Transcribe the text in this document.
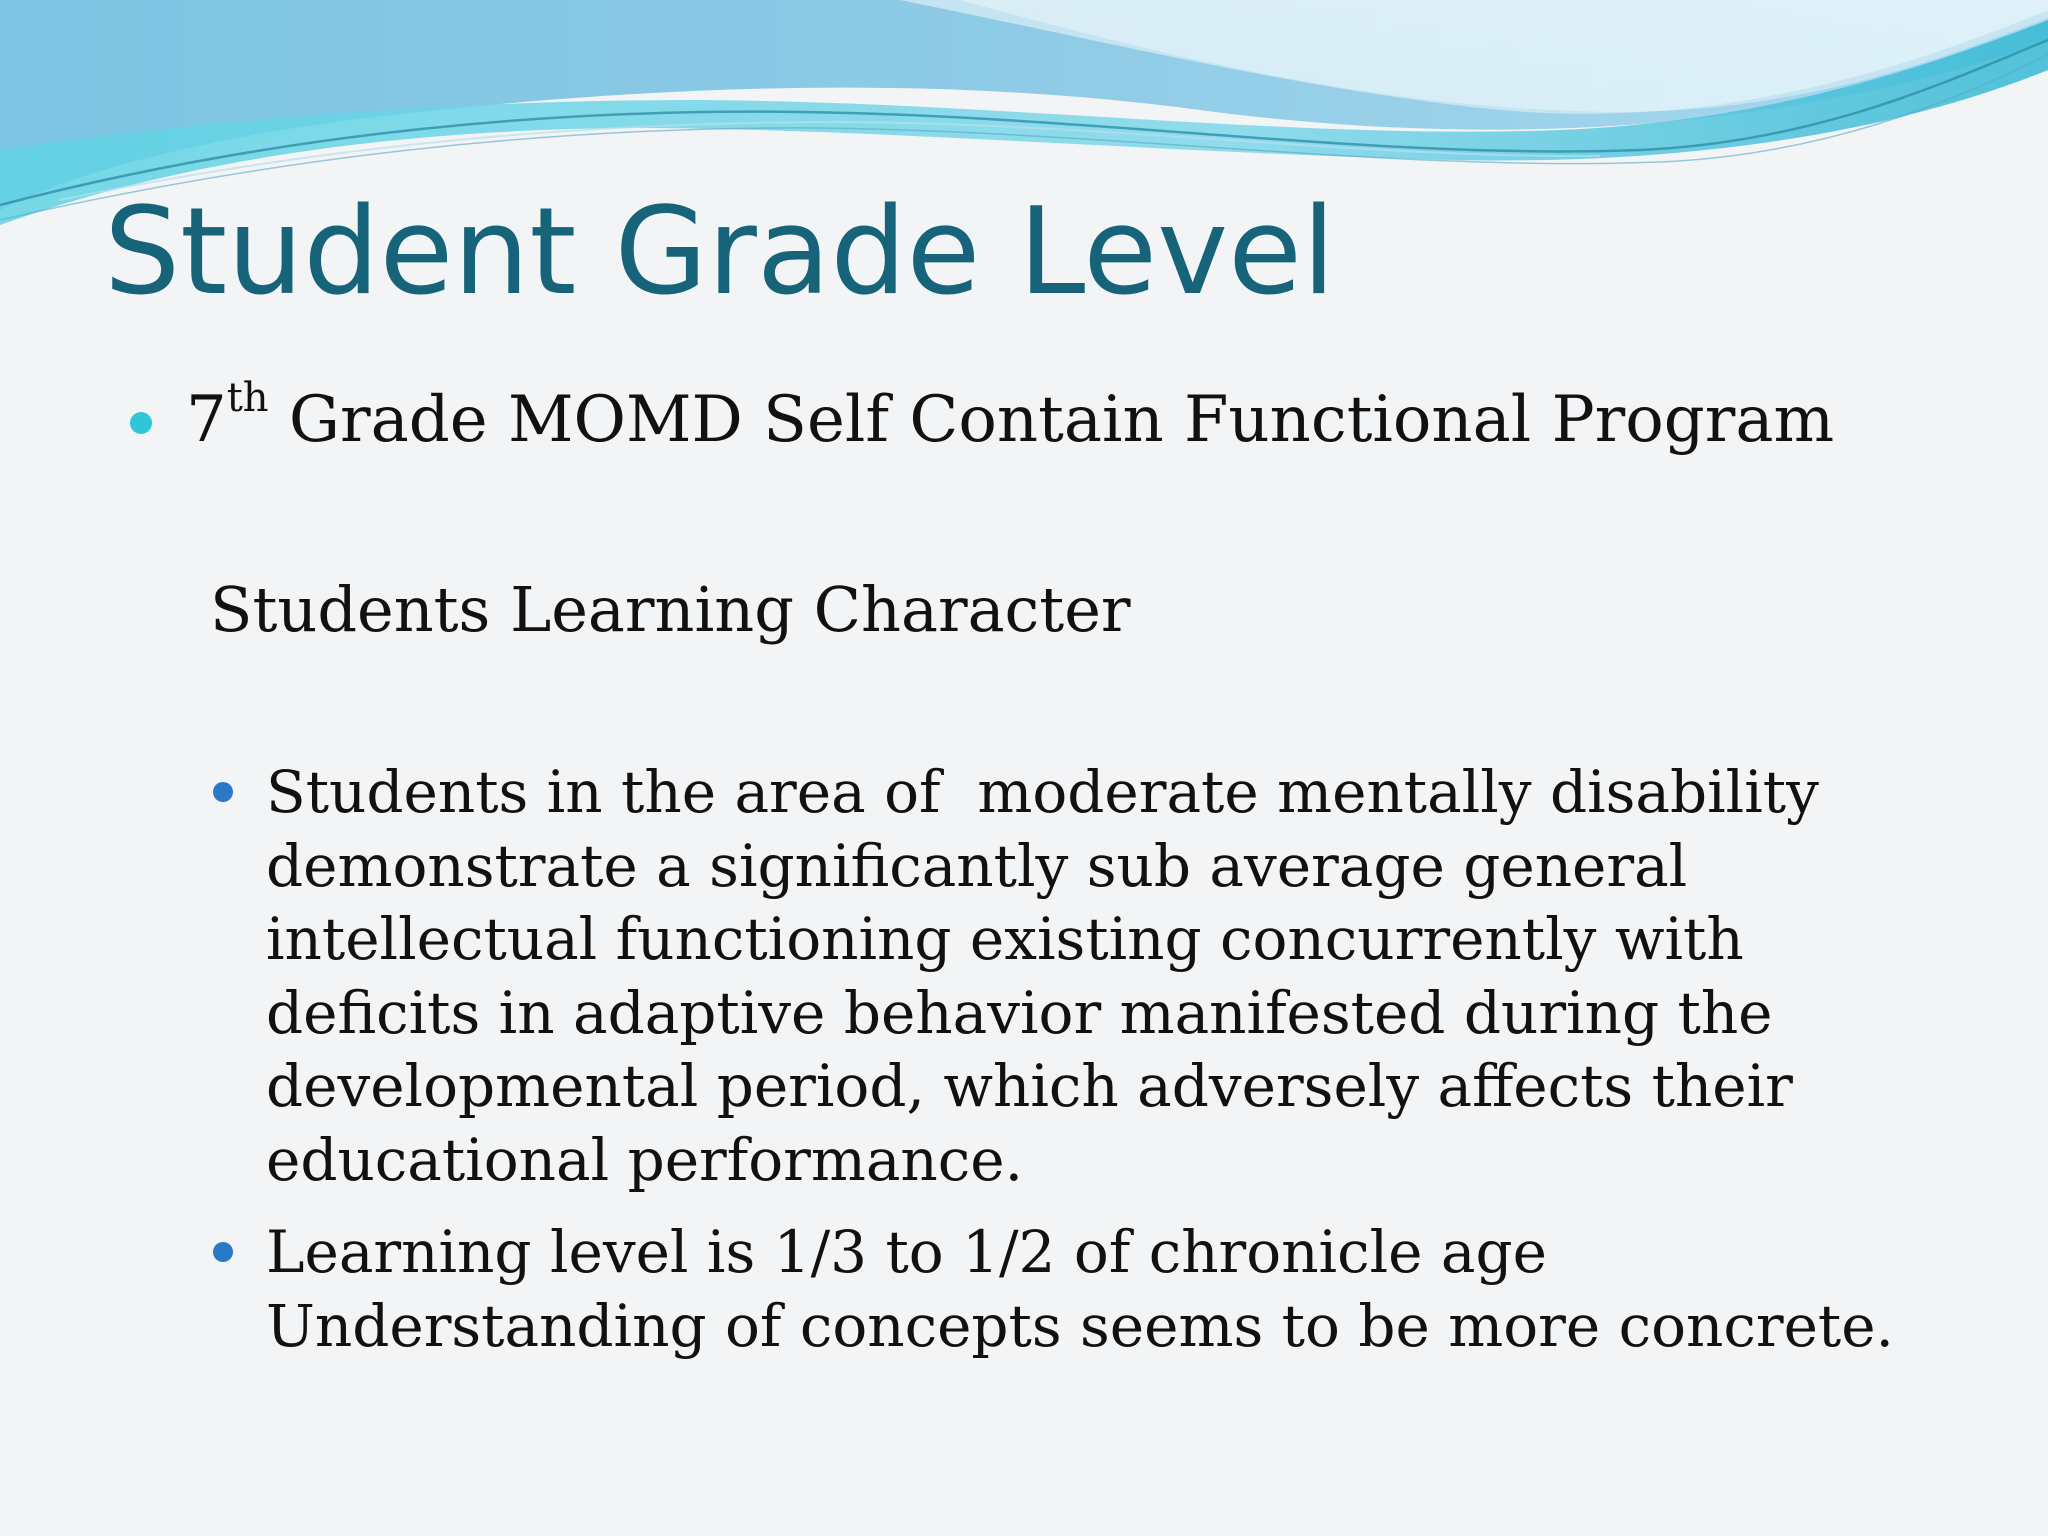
Student Grade Level
7th Grade MOMD Self Contain Functional Program
Students Learning Character
Students in the area of  moderate mentally disability
demonstrate a significantly sub average general
intellectual functioning existing concurrently with
deficits in adaptive behavior manifested during the
developmental period, which adversely affects their
educational performance.
Learning level is 1/3 to 1/2 of chronicle age
Understanding of concepts seems to be more concrete.
